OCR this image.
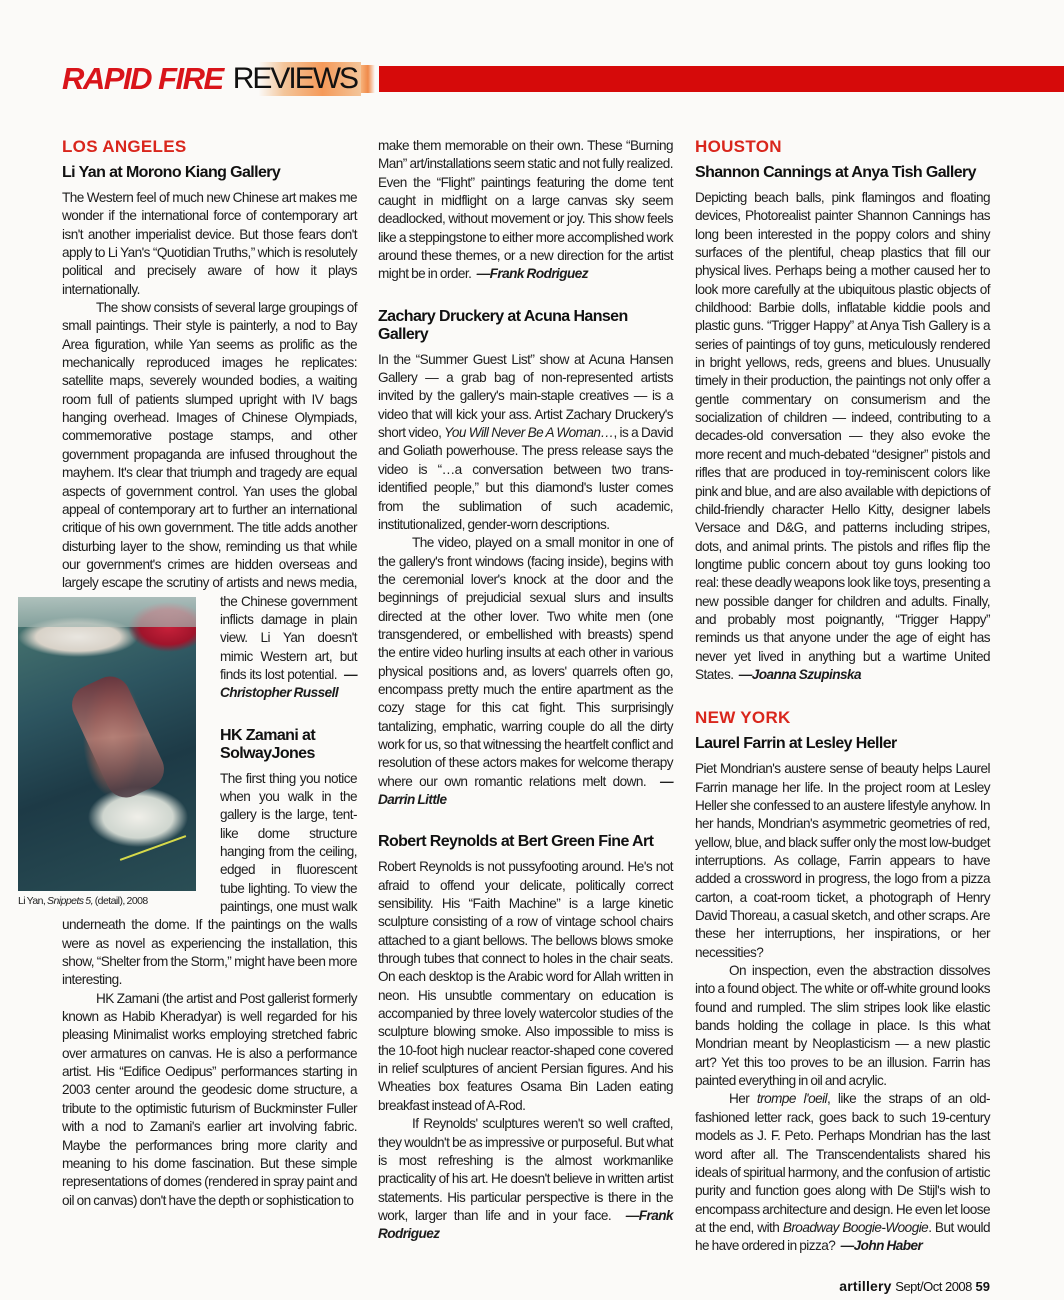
RAPID FIRE REVIEWS
LOS ANGELES
Li Yan at Morono Kiang Gallery

The Western feel of much new Chinese art makes me wonder if the international force of contemporary art isn't another imperialist device. But those fears don't apply to Li Yan's “Quotidian Truths,” which is resolutely political and precisely aware of how it plays internationally.

Li Yan, Snippets 5, (detail), 2008
The show consists of several large groupings of small paintings. Their style is painterly, a nod to Bay Area figuration, while Yan seems as prolific as the mechanically reproduced images he replicates: satellite maps, severely wounded bodies, a waiting room full of patients slumped upright with IV bags hanging overhead. Images of Chinese Olympiads, commemorative postage stamps, and other government propaganda are infused throughout the mayhem. It's clear that triumph and tragedy are equal aspects of government control. Yan uses the global appeal of contemporary art to further an international critique of his own government. The title adds another disturbing layer to the show, reminding us that while our government's crimes are hidden overseas and largely escape the scrutiny of artists and news media, the Chinese government inflicts damage in plain view. Li Yan doesn't mimic Western art, but finds its lost potential. —Christopher Russell

HK Zamani at SolwayJones

The first thing you notice when you walk in the gallery is the large, tent-like dome structure hanging from the ceiling, edged in fluorescent tube lighting. To view the paintings, one must walk underneath the dome. If the paintings on the walls were as novel as experiencing the installation, this show, “Shelter from the Storm,” might have been more interesting.

HK Zamani (the artist and Post gallerist formerly known as Habib Kheradyar) is well regarded for his pleasing Minimalist works employing stretched fabric over armatures on canvas. He is also a performance artist. His “Edifice Oedipus” performances starting in 2003 center around the geodesic dome structure, a tribute to the optimistic futurism of Buckminster Fuller with a nod to Zamani's earlier art involving fabric. Maybe the performances bring more clarity and meaning to his dome fascination. But these simple representations of domes (rendered in spray paint and oil on canvas) don't have the depth or sophistication to

make them memorable on their own. These “Burning Man” art/installations seem static and not fully realized. Even the “Flight” paintings featuring the dome tent caught in midflight on a large canvas sky seem deadlocked, without movement or joy. This show feels like a steppingstone to either more accomplished work around these themes, or a new direction for the artist might be in order. —Frank Rodriguez

Zachary Druckery at Acuna Hansen Gallery

In the “Summer Guest List” show at Acuna Hansen Gallery — a grab bag of non-represented artists invited by the gallery's main-staple creatives — is a video that will kick your ass. Artist Zachary Druckery's short video, You Will Never Be A Woman…, is a David and Goliath powerhouse. The press release says the video is “…a conversation between two trans-identified people,” but this diamond's luster comes from the sublimation of such academic, institutionalized, gender-worn descriptions.

The video, played on a small monitor in one of the gallery's front windows (facing inside), begins with the ceremonial lover's knock at the door and the beginnings of prejudicial sexual slurs and insults directed at the other lover. Two white men (one transgendered, or embellished with breasts) spend the entire video hurling insults at each other in various physical positions and, as lovers' quarrels often go, encompass pretty much the entire apartment as the cozy stage for this cat fight. This surprisingly tantalizing, emphatic, warring couple do all the dirty work for us, so that witnessing the heartfelt conflict and resolution of these actors makes for welcome therapy where our own romantic relations melt down. —Darrin Little

Robert Reynolds at Bert Green Fine Art

Robert Reynolds is not pussyfooting around. He's not afraid to offend your delicate, politically correct sensibility. His “Faith Machine” is a large kinetic sculpture consisting of a row of vintage school chairs attached to a giant bellows. The bellows blows smoke through tubes that connect to holes in the chair seats. On each desktop is the Arabic word for Allah written in neon. His unsubtle commentary on education is accompanied by three lovely watercolor studies of the sculpture blowing smoke. Also impossible to miss is the 10-foot high nuclear reactor-shaped cone covered in relief sculptures of ancient Persian figures. And his Wheaties box features Osama Bin Laden eating breakfast instead of A-Rod.

If Reynolds' sculptures weren't so well crafted, they wouldn't be as impressive or purposeful. But what is most refreshing is the almost workmanlike practicality of his art. He doesn't believe in written artist statements. His particular perspective is there in the work, larger than life and in your face. —Frank Rodriguez

HOUSTON
Shannon Cannings at Anya Tish Gallery

Depicting beach balls, pink flamingos and floating devices, Photorealist painter Shannon Cannings has long been interested in the poppy colors and shiny surfaces of the plentiful, cheap plastics that fill our physical lives. Perhaps being a mother caused her to look more carefully at the ubiquitous plastic objects of childhood: Barbie dolls, inflatable kiddie pools and plastic guns. “Trigger Happy” at Anya Tish Gallery is a series of paintings of toy guns, meticulously rendered in bright yellows, reds, greens and blues. Unusually timely in their production, the paintings not only offer a gentle commentary on consumerism and the socialization of children — indeed, contributing to a decades-old conversation — they also evoke the more recent and much-debated “designer” pistols and rifles that are produced in toy-reminiscent colors like pink and blue, and are also available with depictions of child-friendly character Hello Kitty, designer labels Versace and D&G, and patterns including stripes, dots, and animal prints. The pistols and rifles flip the longtime public concern about toy guns looking too real: these deadly weapons look like toys, presenting a new possible danger for children and adults. Finally, and probably most poignantly, “Trigger Happy” reminds us that anyone under the age of eight has never yet lived in anything but a wartime United States. —Joanna Szupinska

NEW YORK
Laurel Farrin at Lesley Heller

Piet Mondrian's austere sense of beauty helps Laurel Farrin manage her life. In the project room at Lesley Heller she confessed to an austere lifestyle anyhow. In her hands, Mondrian's asymmetric geometries of red, yellow, blue, and black suffer only the most low-budget interruptions. As collage, Farrin appears to have added a crossword in progress, the logo from a pizza carton, a coat-room ticket, a photograph of Henry David Thoreau, a casual sketch, and other scraps. Are these her interruptions, her inspirations, or her necessities?

On inspection, even the abstraction dissolves into a found object. The white or off-white ground looks found and rumpled. The slim stripes look like elastic bands holding the collage in place. Is this what Mondrian meant by Neoplasticism — a new plastic art? Yet this too proves to be an illusion. Farrin has painted everything in oil and acrylic.

Her trompe l'oeil, like the straps of an old-fashioned letter rack, goes back to such 19-century models as J. F. Peto. Perhaps Mondrian has the last word after all. The Transcendentalists shared his ideals of spiritual harmony, and the confusion of artistic purity and function goes along with De Stijl's wish to encompass architecture and design. He even let loose at the end, with Broadway Boogie-Woogie. But would he have ordered in pizza? —John Haber

artillery Sept/Oct 2008 59
